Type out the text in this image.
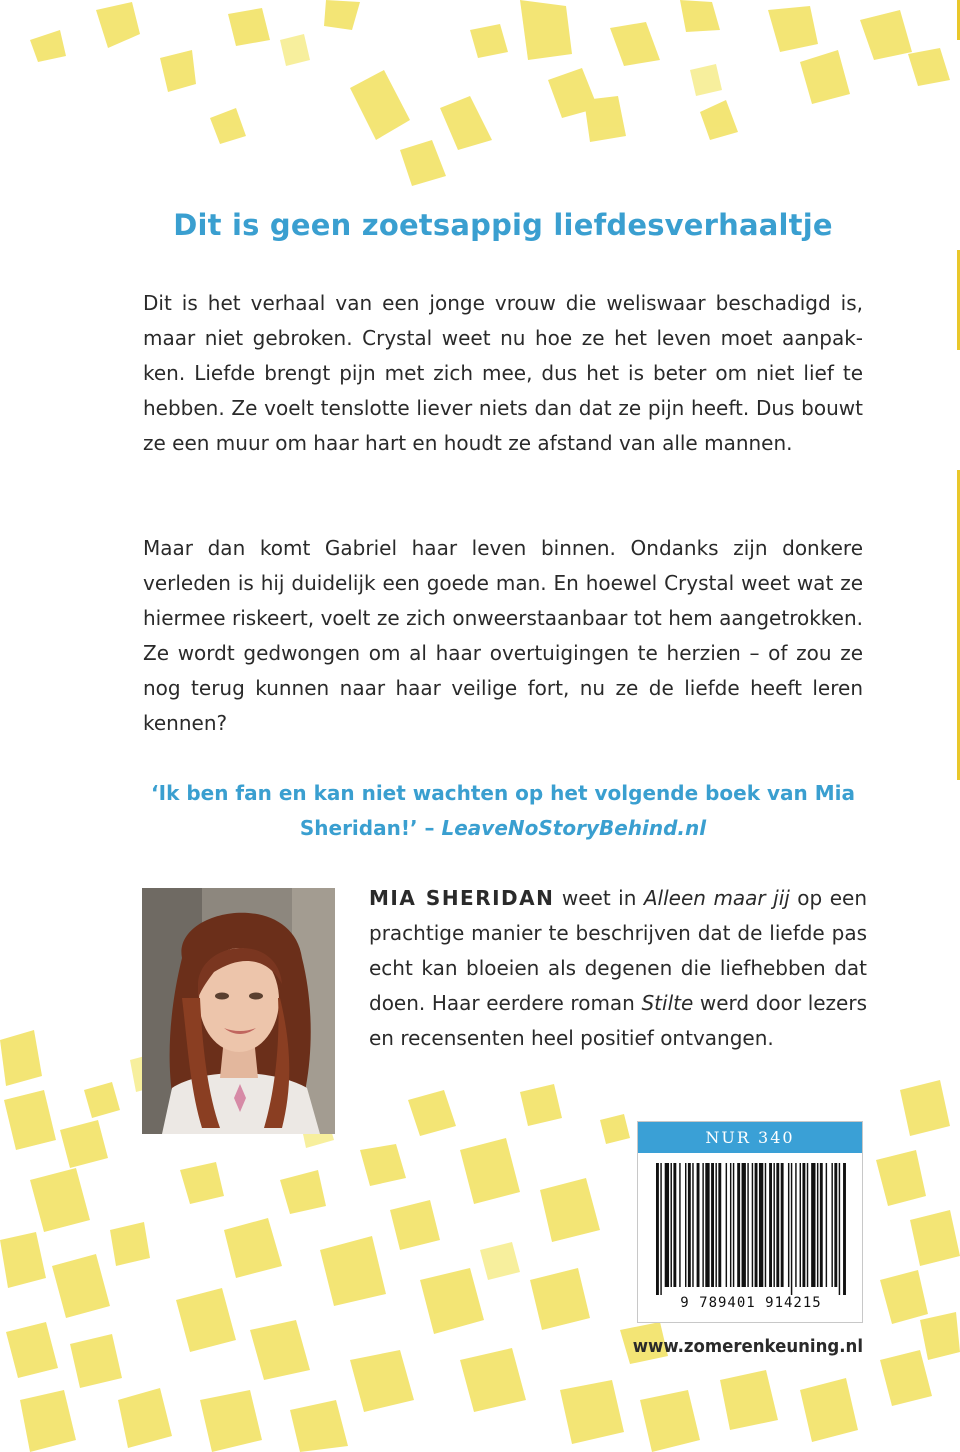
Dit is geen zoetsappig liefdesverhaaltje

Dit is het verhaal van een jonge vrouw die weliswaar beschadigd is, maar niet gebroken. Crystal weet nu hoe ze het leven moet aanpakken. Liefde brengt pijn met zich mee, dus het is beter om niet lief te hebben. Ze voelt tenslotte liever niets dan dat ze pijn heeft. Dus bouwt ze een muur om haar hart en houdt ze afstand van alle mannen.

Maar dan komt Gabriel haar leven binnen. Ondanks zijn donkere verleden is hij duidelijk een goede man. En hoewel Crystal weet wat ze hiermee riskeert, voelt ze zich onweerstaanbaar tot hem aangetrokken. Ze wordt gedwongen om al haar overtuigingen te herzien – of zou ze nog terug kunnen naar haar veilige fort, nu ze de liefde heeft leren kennen?

‘Ik ben fan en kan niet wachten op het volgende boek van Mia Sheridan!’ – LeaveNoStoryBehind.nl

MIA SHERIDAN weet in Alleen maar jij op een prachtige manier te beschrijven dat de liefde pas echt kan bloeien als degenen die liefhebben dat doen. Haar eerdere roman Stilte werd door lezers en recensenten heel positief ontvangen.

NUR 340
9 789401 914215

www.zomerenkeuning.nl
